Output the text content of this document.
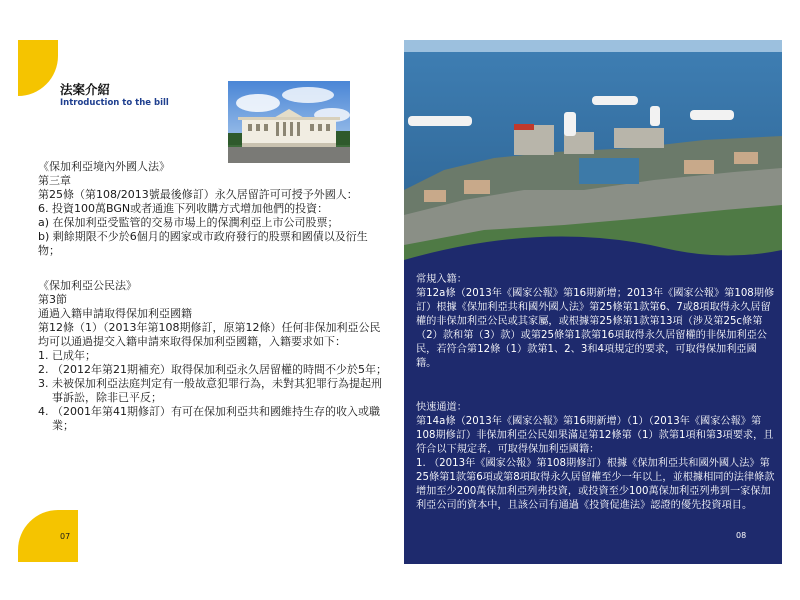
法案介紹
Introduction to the bill

《保加利亞境內外國人法》

第三章

第25條（第108/2013號最後修訂）永久居留許可可授予外國人：

6. 投資100萬BGN或者通進下列收購方式增加他們的投資：

a) 在保加利亞受監管的交易市場上的保潤利亞上市公司股票；

b) 剩餘期限不少於6個月的國家或市政府發行的股票和國債以及衍生物；

《保加利亞公民法》

第3節

通過入籍申請取得保加利亞國籍

第12條（1）（2013年第108期修訂，原第12條）任何非保加利亞公民均可以通過提交入籍申請來取得保加利亞國籍，入籍要求如下：

1. 已成年；

2. （2012年第21期補充）取得保加利亞永久居留權的時間不少於5年；

3. 未被保加利亞法庭判定有一般故意犯罪行為，未對其犯罪行為提起刑事訴訟，除非已平反；

4. （2001年第41期修訂）有可在保加利亞共和國維持生存的收入或職業；

07

常規入籍：

第12a條（2013年《國家公報》第16期新增；2013年《國家公報》第108期修訂）根據《保加利亞共和國外國人法》第25條第1款第6、7或8項取得永久居留權的非保加利亞公民或其家屬，或根據第25條第1款第13項（涉及第25c條第（2）款和第（3）款）或第25條第1款第16項取得永久居留權的非保加利亞公民，若符合第12條（1）款第1、2、3和4項規定的要求，可取得保加利亞國籍。

快速通道：

第14a條（2013年《國家公報》第16期新增）（1）（2013年《國家公報》第108期修訂）非保加利亞公民如果滿足第12條第（1）款第1項和第3項要求，且符合以下規定者，可取得保加利亞國籍：

1. （2013年《國家公報》第108期修訂）根據《保加利亞共和國外國人法》第25條第1款第6項或第8項取得永久居留權至少一年以上，並根據相同的法律條款增加至少200萬保加利亞列弗投資，或投資至少100萬保加利亞列弗到一家保加利亞公司的資本中，且該公司有通過《投資促進法》認證的優先投資項目。

08
